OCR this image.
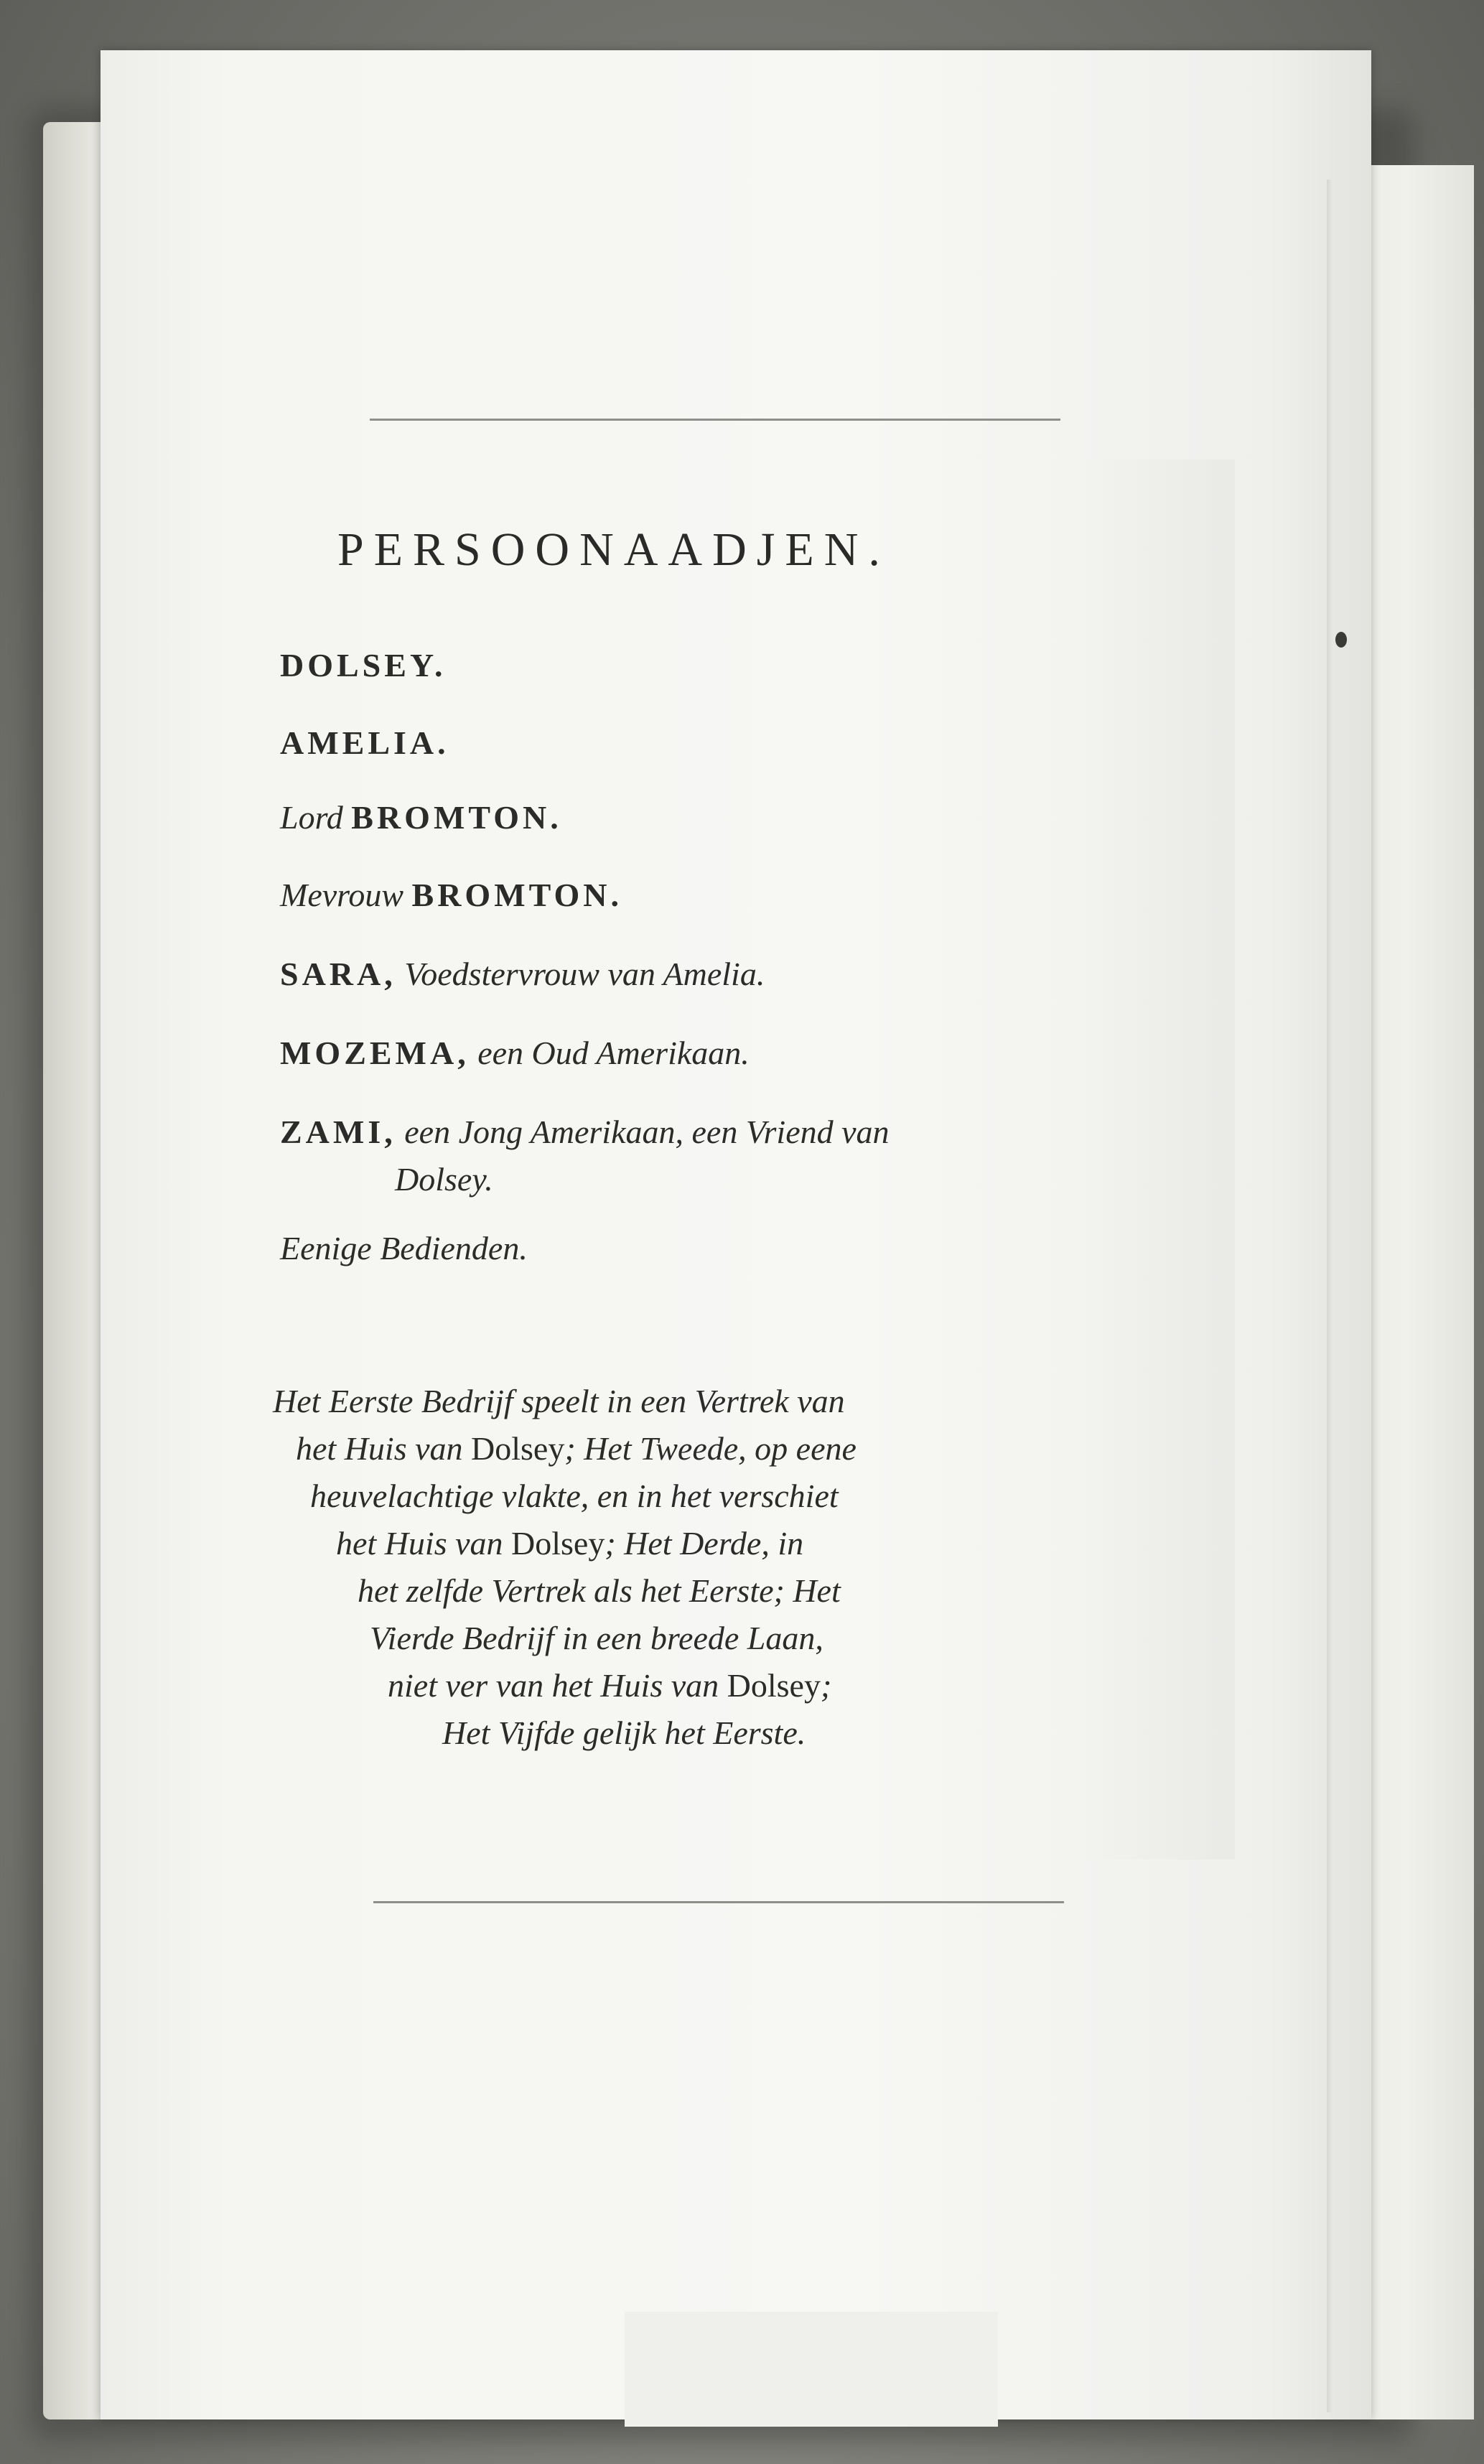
PERSOONAADJEN.
DOLSEY.
AMELIA.
Lord BROMTON.
Mevrouw BROMTON.
SARA, Voedstervrouw van Amelia.
MOZEMA, een Oud Amerikaan.
ZAMI, een Jong Amerikaan, een Vriend van
Dolsey.
Eenige Bedienden.
Het Eerste Bedrijf speelt in een Vertrek van
het Huis van Dolsey; Het Tweede, op eene
heuvelachtige vlakte, en in het verschiet
het Huis van Dolsey; Het Derde, in
het zelfde Vertrek als het Eerste; Het
Vierde Bedrijf in een breede Laan,
niet ver van het Huis van Dolsey;
Het Vijfde gelijk het Eerste.
